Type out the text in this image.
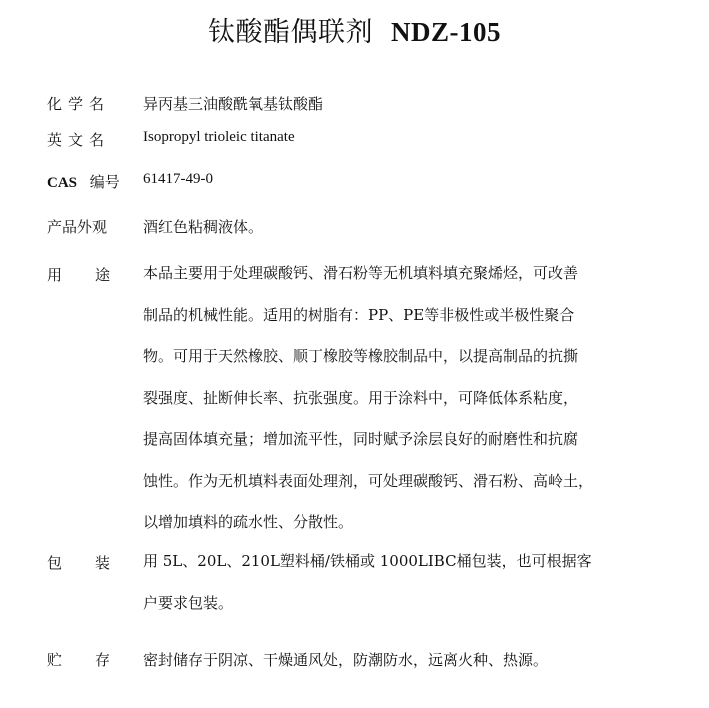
钛酸酯偶联剂 NDZ-105
化学名 异丙基三油酸酰氧基钛酸酯
英文名 Isopropyl trioleic titanate
CAS 编号 61417-49-0
产品外观 酒红色粘稠液体。
用途 本品主要用于处理碳酸钙、滑石粉等无机填料填充聚烯烃，可改善
制品的机械性能。适用的树脂有：PP、PE等非极性或半极性聚合
物。可用于天然橡胶、顺丁橡胶等橡胶制品中，以提高制品的抗撕
裂强度、扯断伸长率、抗张强度。用于涂料中，可降低体系粘度，
提高固体填充量；增加流平性，同时赋予涂层良好的耐磨性和抗腐
蚀性。作为无机填料表面处理剂，可处理碳酸钙、滑石粉、高岭土，
以增加填料的疏水性、分散性。
包装 用 5L、20L、210L塑料桶/铁桶或 1000LIBC桶包装，也可根据客
户要求包装。
贮存 密封储存于阴凉、干燥通风处，防潮防水，远离火种、热源。
